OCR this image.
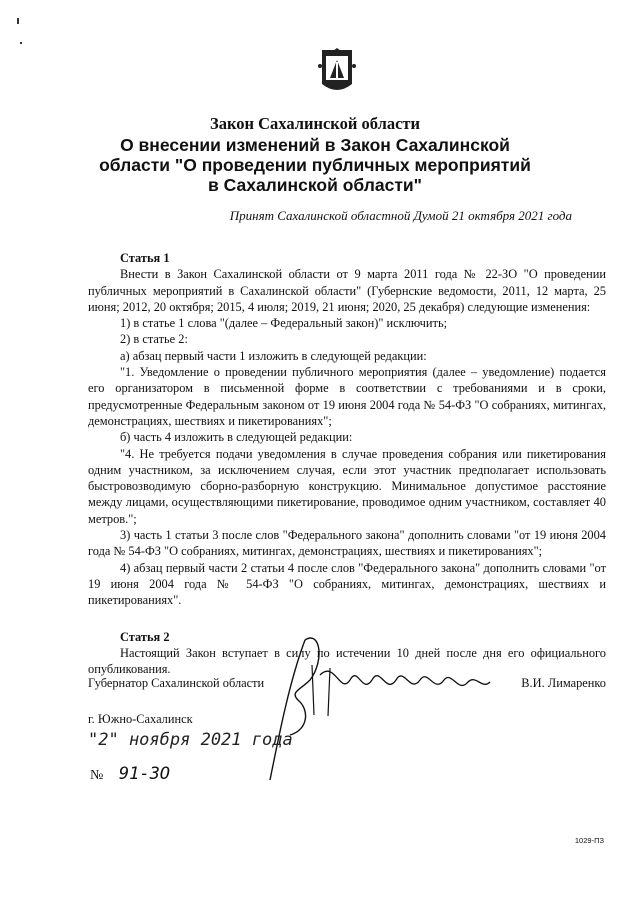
Закон Сахалинской области

О внесении изменений в Закон Сахалинской

области "О проведении публичных мероприятий

в Сахалинской области"

Принят Сахалинской областной Думой 21 октября 2021 года

Статья 1

Внести в Закон Сахалинской области от 9 марта 2011 года № 22-ЗО "О проведении публичных мероприятий в Сахалинской области" (Губернские ведомости, 2011, 12 марта, 25 июня; 2012, 20 октября; 2015, 4 июля; 2019, 21 июня; 2020, 25 декабря) следующие изменения:

1) в статье 1 слова "(далее – Федеральный закон)" исключить;

2) в статье 2:

а) абзац первый части 1 изложить в следующей редакции:

"1. Уведомление о проведении публичного мероприятия (далее – уведомление) подается его организатором в письменной форме в соответствии с требованиями и в сроки, предусмотренные Федеральным законом от 19 июня 2004 года № 54-ФЗ "О собраниях, митингах, демонстрациях, шествиях и пикетированиях";

б) часть 4 изложить в следующей редакции:

"4. Не требуется подачи уведомления в случае проведения собрания или пикетирования одним участником, за исключением случая, если этот участник предполагает использовать быстровозводимую сборно-разборную конструкцию. Минимальное допустимое расстояние между лицами, осуществляющими пикетирование, проводимое одним участником, составляет 40 метров.";

3) часть 1 статьи 3 после слов "Федерального закона" дополнить словами "от 19 июня 2004 года № 54-ФЗ "О собраниях, митингах, демонстрациях, шествиях и пикетированиях";

4) абзац первый части 2 статьи 4 после слов "Федерального закона" дополнить словами "от 19 июня 2004 года № 54-ФЗ "О собраниях, митингах, демонстрациях, шествиях и пикетированиях".

Статья 2

Настоящий Закон вступает в силу по истечении 10 дней после дня его официального опубликования.

Губернатор Сахалинской области	В.И. Лимаренко

г. Южно-Сахалинск

"2" ноября 2021 года

№ 91-ЗО

1029-ПЗ
